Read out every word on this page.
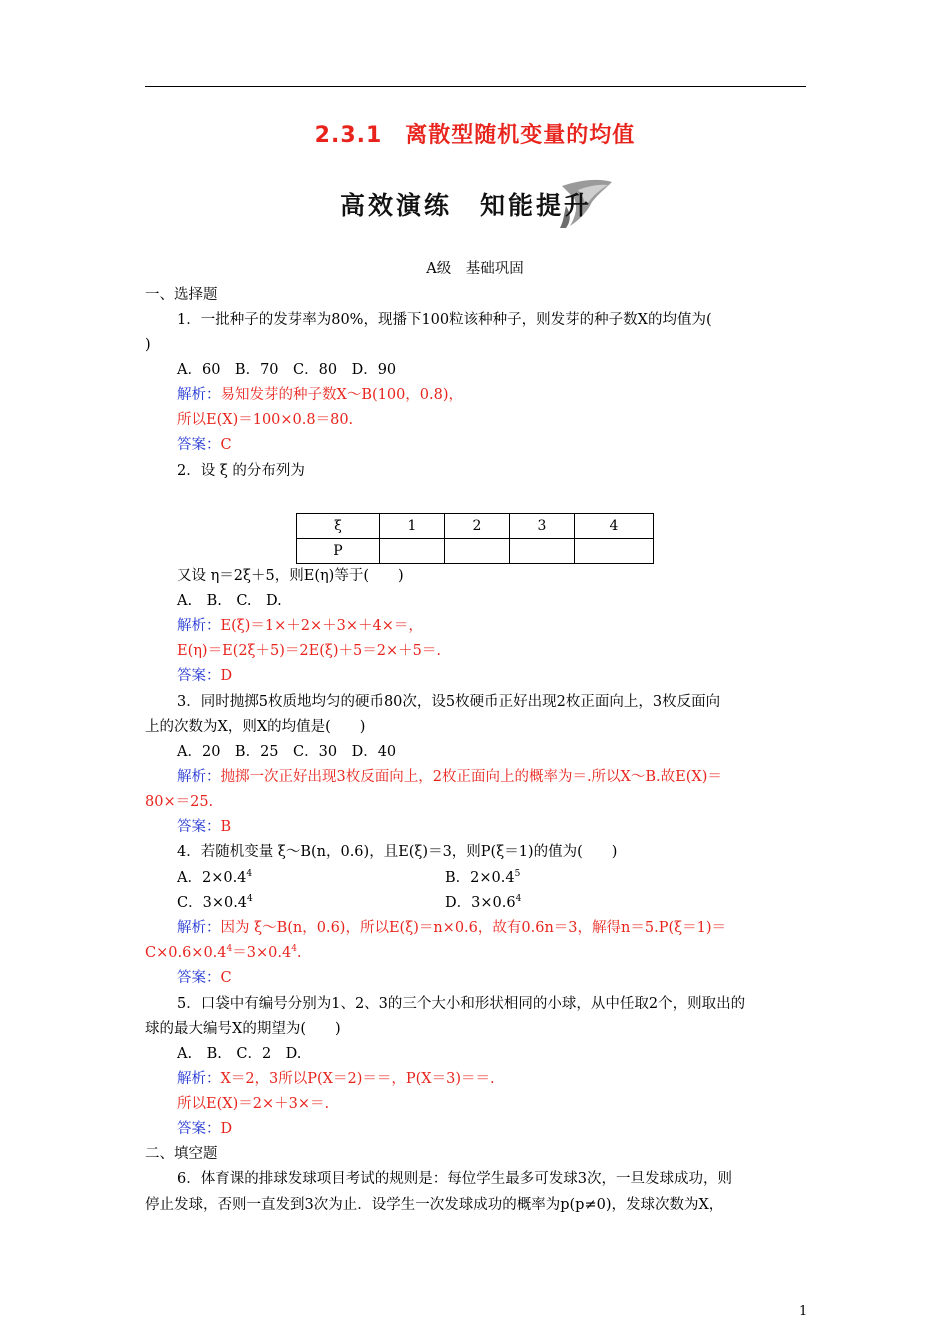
2.3.1　离散型随机变量的均值
高效演练　知能提升
A级　基础巩固
一、选择题
1．一批种子的发芽率为80%，现播下100粒该种种子，则发芽的种子数X的均值为(
)
A．60　B．70　C．80　D．90
解析：易知发芽的种子数X～B(100，0.8)，
所以E(X)＝100×0.8＝80.
答案：C
2．设 ξ 的分布列为
ξ	1	2	3	4
P				
又设 η＝2ξ＋5，则E(η)等于(　　)
A.　B.　C.　D.
解析：E(ξ)＝1×＋2×＋3×＋4×＝，
E(η)＝E(2ξ＋5)＝2E(ξ)＋5＝2×＋5＝.
答案：D
3．同时抛掷5枚质地均匀的硬币80次，设5枚硬币正好出现2枚正面向上，3枚反面向
上的次数为X，则X的均值是(　　)
A．20　B．25　C．30　D．40
解析：抛掷一次正好出现3枚反面向上，2枚正面向上的概率为＝.所以X～B.故E(X)＝
80×＝25.
答案：B
4．若随机变量 ξ～B(n，0.6)，且E(ξ)＝3，则P(ξ＝1)的值为(　　)
A．$2\times 0.4^4$	B．$2\times 0.4^5$
C．$3\times 0.4^4$	D．$3\times 0.6^4$
解析：因为 ξ～B(n，0.6)，所以E(ξ)＝n×0.6，故有0.6n＝3，解得n＝5.P(ξ＝1)＝
$C\times 0.6\times 0.4^4=3\times 0.4^4$.
答案：C
5．口袋中有编号分别为1、2、3的三个大小和形状相同的小球，从中任取2个，则取出的
球的最大编号X的期望为(　　)
A.　B.　C．2　D.
解析：X＝2，3所以P(X＝2)＝＝，P(X＝3)＝＝.
所以E(X)＝2×＋3×＝.
答案：D
二、填空题
6．体育课的排球发球项目考试的规则是：每位学生最多可发球3次，一旦发球成功，则
停止发球，否则一直发到3次为止．设学生一次发球成功的概率为p(p≠0)，发球次数为X，
1
